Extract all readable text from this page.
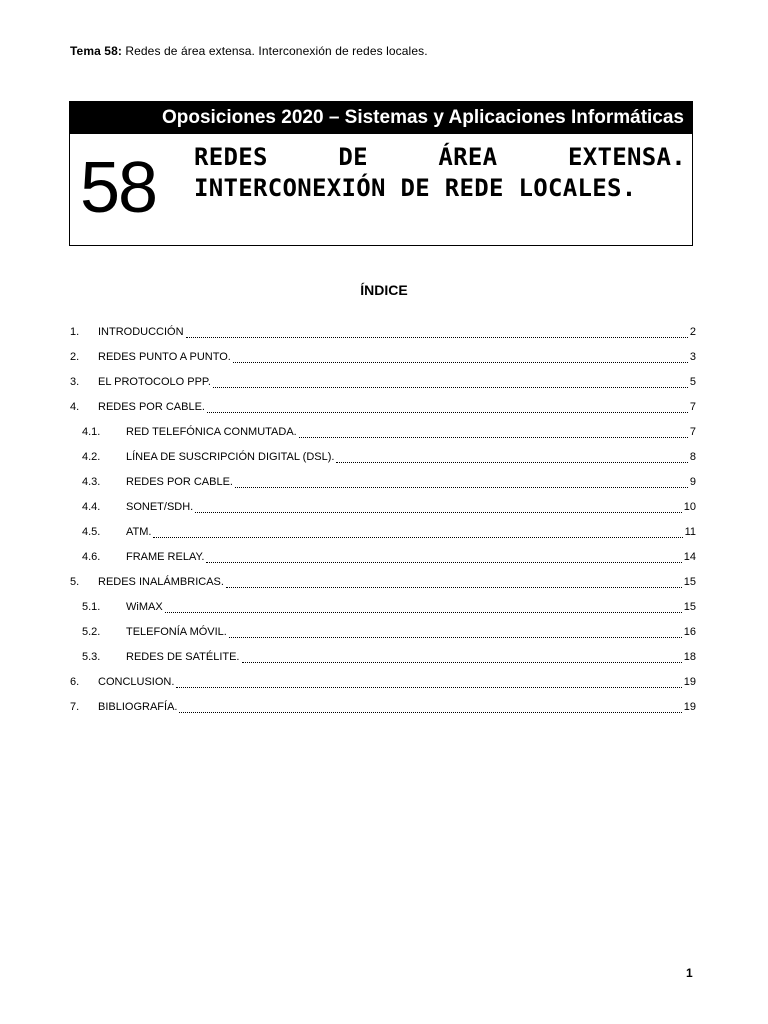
Tema 58: Redes de área extensa. Interconexión de redes locales.
Oposiciones 2020 – Sistemas y Aplicaciones Informáticas
58 REDES DE ÁREA EXTENSA. INTERCONEXIÓN DE REDE LOCALES.
ÍNDICE
1.	INTRODUCCIÓN	2
2.	REDES PUNTO A PUNTO.	3
3.	EL PROTOCOLO PPP.	5
4.	REDES POR CABLE.	7
4.1.	RED TELEFÓNICA CONMUTADA.	7
4.2.	LÍNEA DE SUSCRIPCIÓN DIGITAL (DSL).	8
4.3.	REDES POR CABLE.	9
4.4.	SONET/SDH.	10
4.5.	ATM.	11
4.6.	FRAME RELAY.	14
5.	REDES INALÁMBRICAS.	15
5.1.	WiMAX	15
5.2.	TELEFONÍA MÓVIL.	16
5.3.	REDES DE SATÉLITE.	18
6.	CONCLUSION.	19
7.	BIBLIOGRAFÍA.	19
1
